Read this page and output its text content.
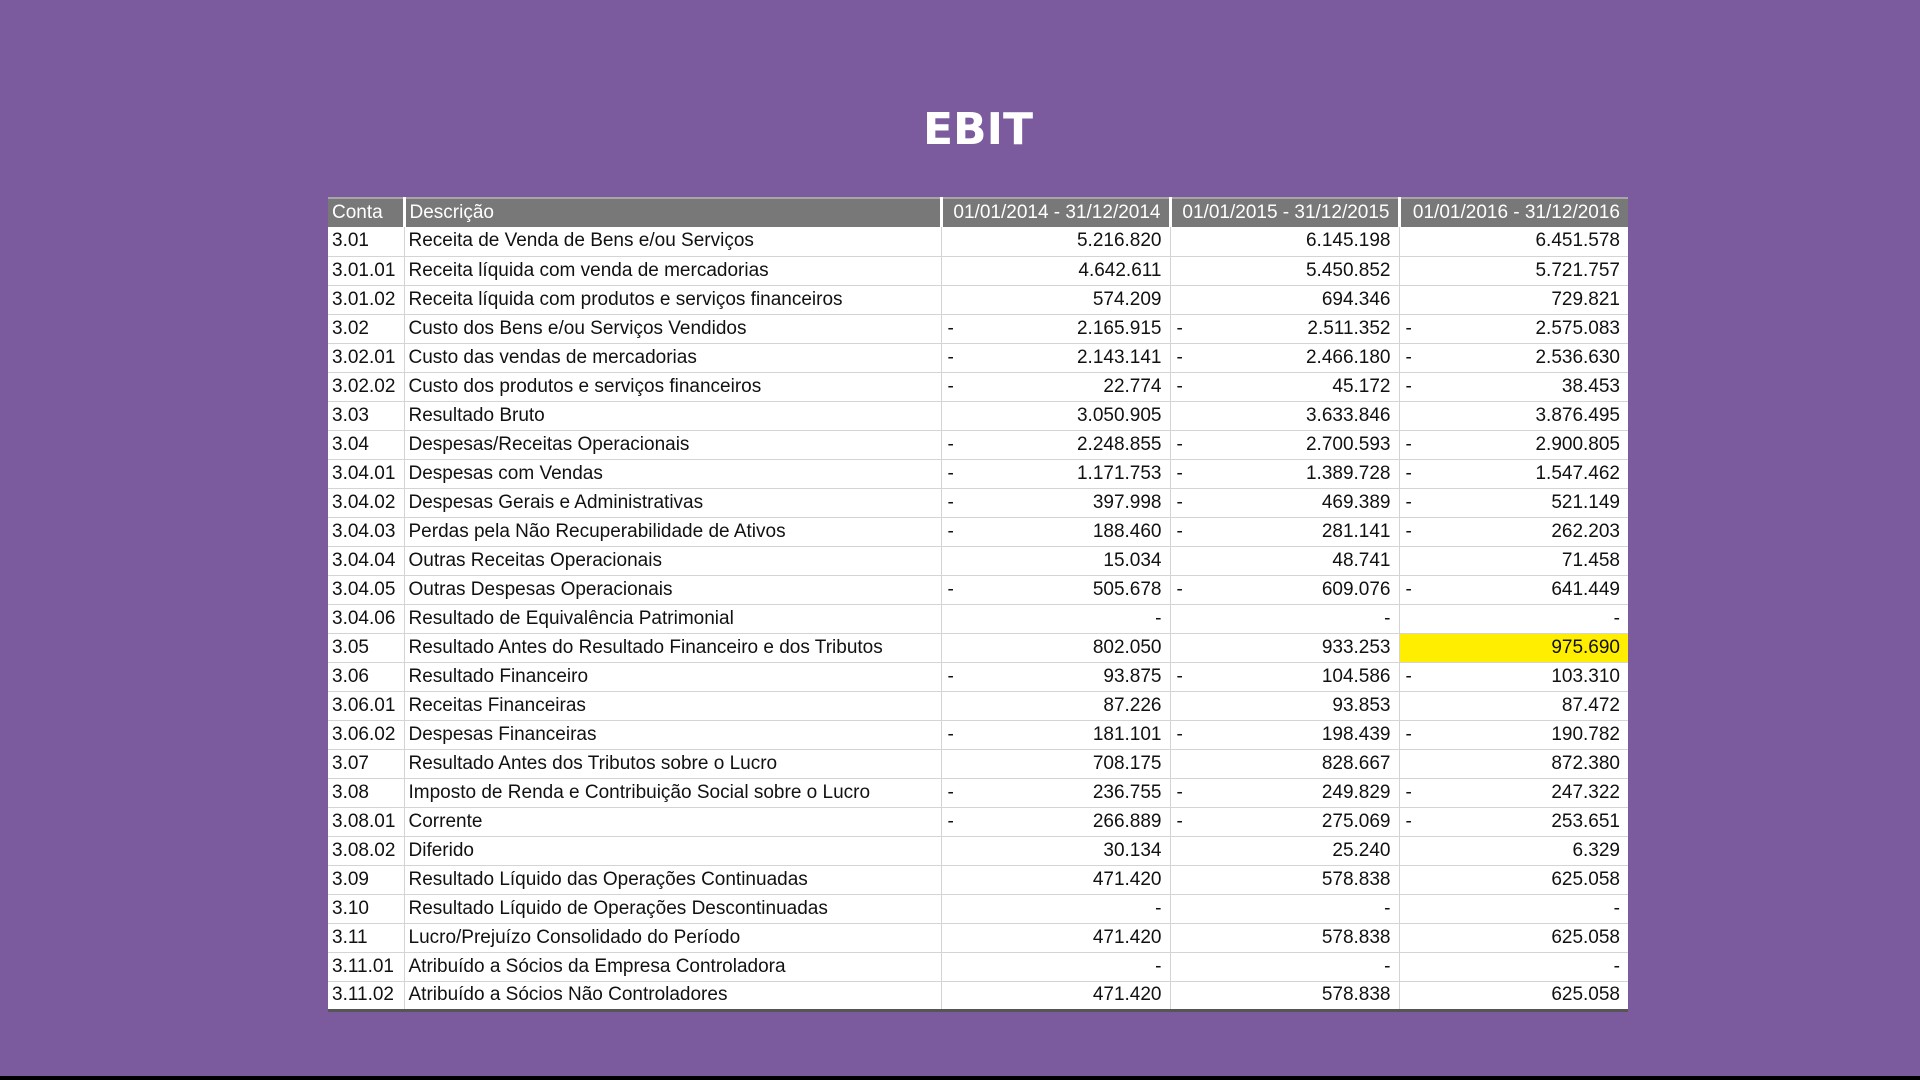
EBIT
Conta	Descrição	01/01/2014 - 31/12/2014	01/01/2015 - 31/12/2015	01/01/2016 - 31/12/2016
3.01	Receita de Venda de Bens e/ou Serviços	5.216.820	6.145.198	6.451.578
3.01.01	Receita líquida com venda de mercadorias	4.642.611	5.450.852	5.721.757
3.01.02	Receita líquida com produtos e serviços financeiros	574.209	694.346	729.821
3.02	Custo dos Bens e/ou Serviços Vendidos	- 2.165.915	- 2.511.352	- 2.575.083
3.02.01	Custo das vendas de mercadorias	- 2.143.141	- 2.466.180	- 2.536.630
3.02.02	Custo dos produtos e serviços financeiros	- 22.774	- 45.172	- 38.453
3.03	Resultado Bruto	3.050.905	3.633.846	3.876.495
3.04	Despesas/Receitas Operacionais	- 2.248.855	- 2.700.593	- 2.900.805
3.04.01	Despesas com Vendas	- 1.171.753	- 1.389.728	- 1.547.462
3.04.02	Despesas Gerais e Administrativas	- 397.998	- 469.389	- 521.149
3.04.03	Perdas pela Não Recuperabilidade de Ativos	- 188.460	- 281.141	- 262.203
3.04.04	Outras Receitas Operacionais	15.034	48.741	71.458
3.04.05	Outras Despesas Operacionais	- 505.678	- 609.076	- 641.449
3.04.06	Resultado de Equivalência Patrimonial	-	-	-
3.05	Resultado Antes do Resultado Financeiro e dos Tributos	802.050	933.253	975.690
3.06	Resultado Financeiro	- 93.875	- 104.586	- 103.310
3.06.01	Receitas Financeiras	87.226	93.853	87.472
3.06.02	Despesas Financeiras	- 181.101	- 198.439	- 190.782
3.07	Resultado Antes dos Tributos sobre o Lucro	708.175	828.667	872.380
3.08	Imposto de Renda e Contribuição Social sobre o Lucro	- 236.755	- 249.829	- 247.322
3.08.01	Corrente	- 266.889	- 275.069	- 253.651
3.08.02	Diferido	30.134	25.240	6.329
3.09	Resultado Líquido das Operações Continuadas	471.420	578.838	625.058
3.10	Resultado Líquido de Operações Descontinuadas	-	-	-
3.11	Lucro/Prejuízo Consolidado do Período	471.420	578.838	625.058
3.11.01	Atribuído a Sócios da Empresa Controladora	-	-	-
3.11.02	Atribuído a Sócios Não Controladores	471.420	578.838	625.058
